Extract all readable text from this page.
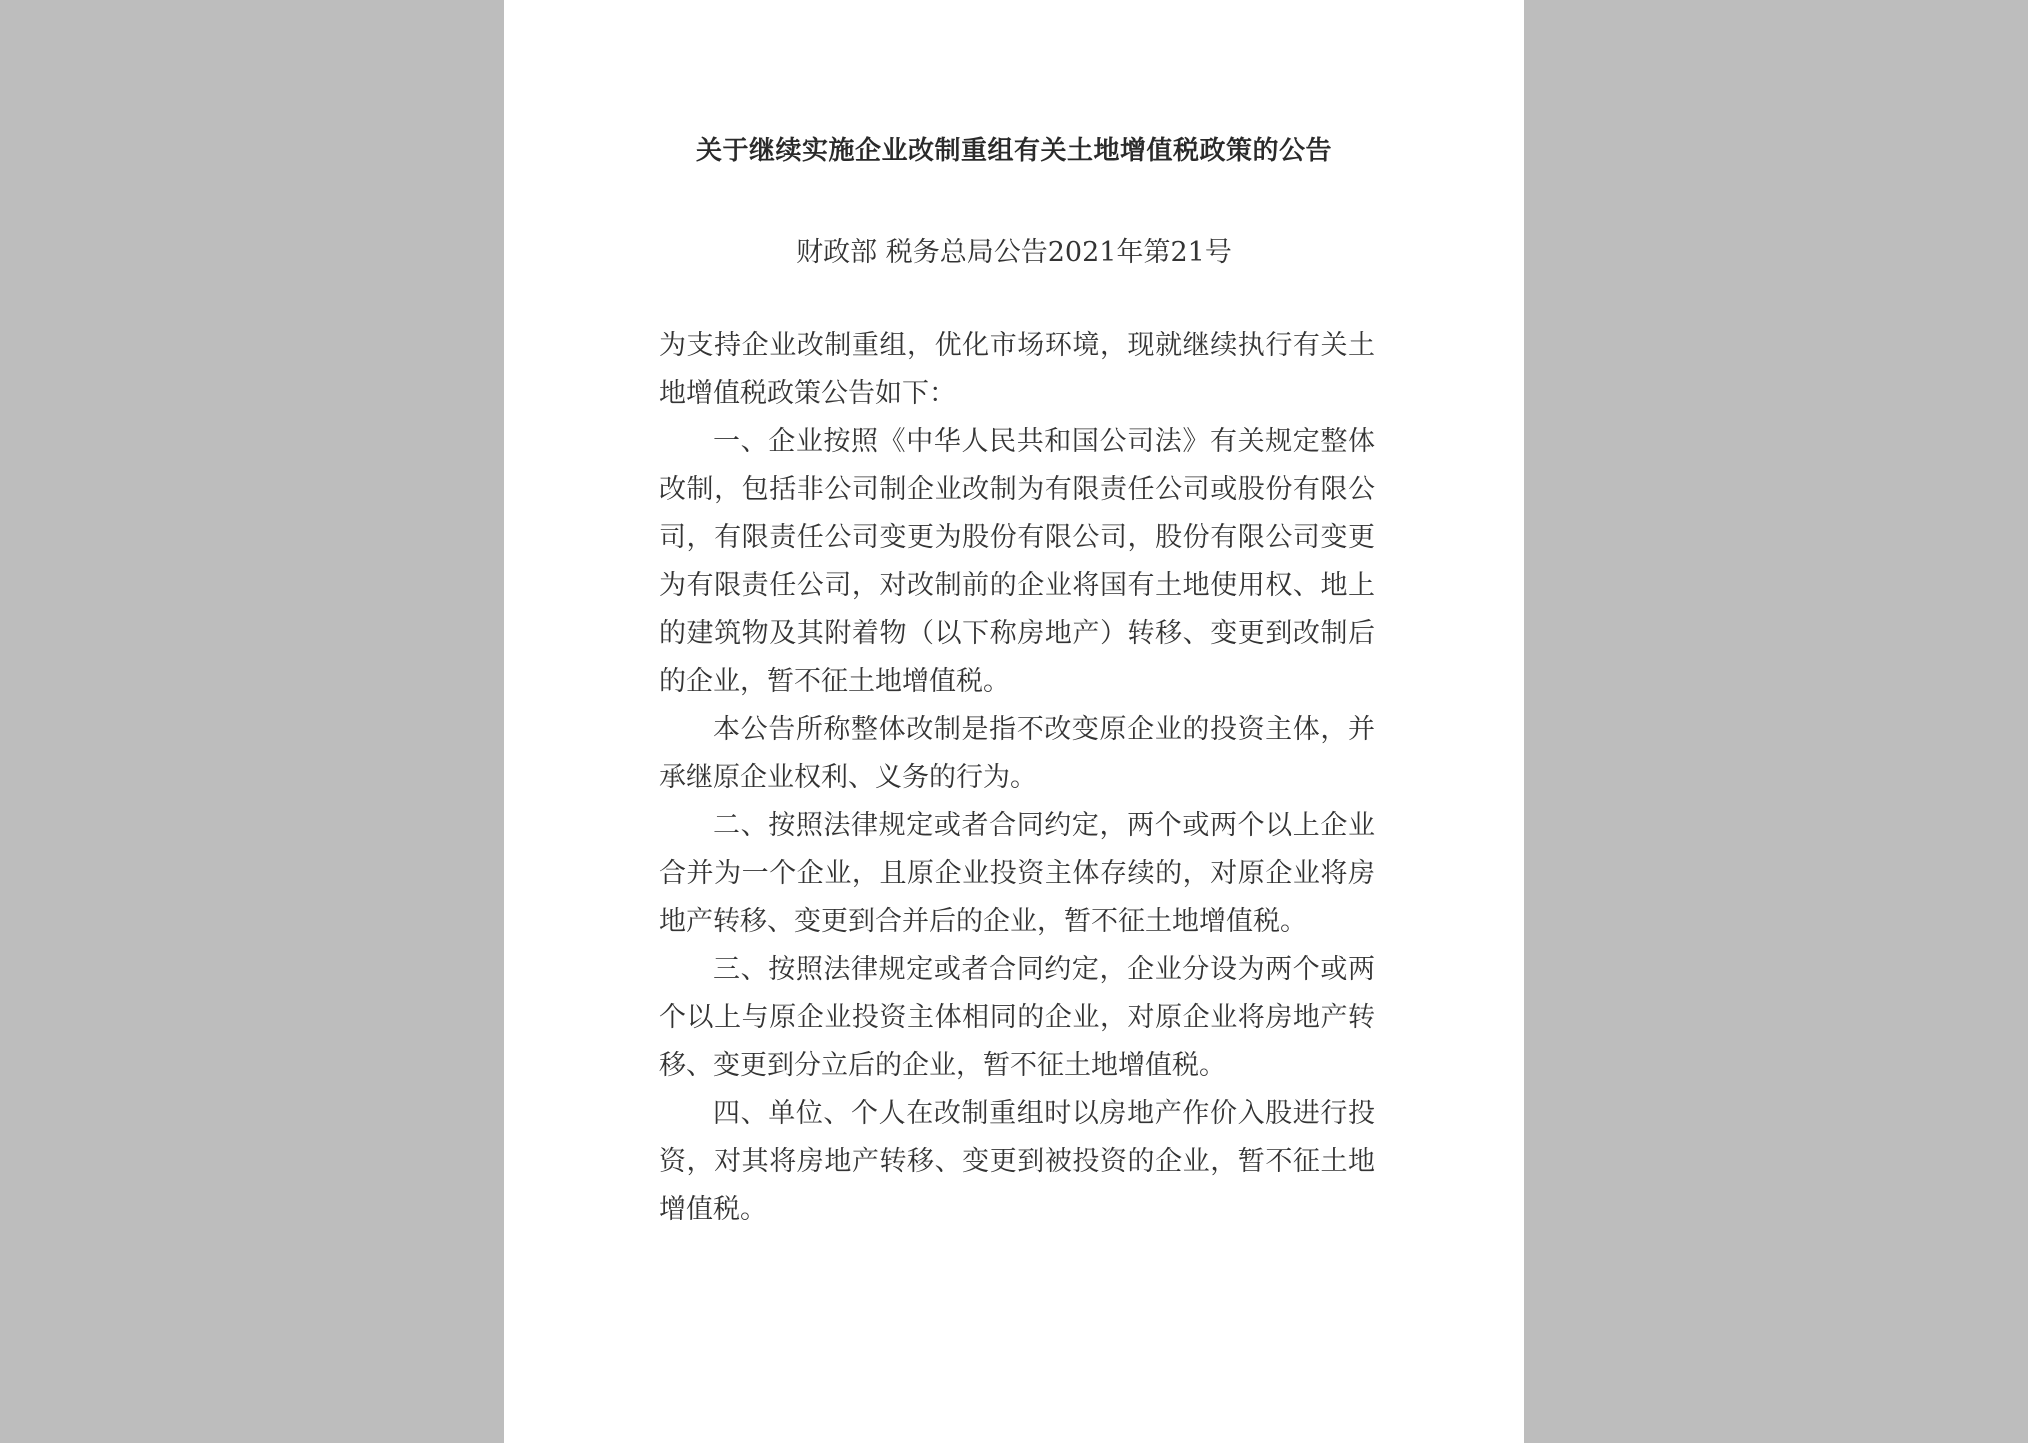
关于继续实施企业改制重组有关土地增值税政策的公告
财政部 税务总局公告2021年第21号

为支持企业改制重组，优化市场环境，现就继续执行有关土地增值税政策公告如下：

一、企业按照《中华人民共和国公司法》有关规定整体改制，包括非公司制企业改制为有限责任公司或股份有限公司，有限责任公司变更为股份有限公司，股份有限公司变更为有限责任公司，对改制前的企业将国有土地使用权、地上的建筑物及其附着物（以下称房地产）转移、变更到改制后的企业，暂不征土地增值税。

本公告所称整体改制是指不改变原企业的投资主体，并承继原企业权利、义务的行为。

二、按照法律规定或者合同约定，两个或两个以上企业合并为一个企业，且原企业投资主体存续的，对原企业将房地产转移、变更到合并后的企业，暂不征土地增值税。

三、按照法律规定或者合同约定，企业分设为两个或两个以上与原企业投资主体相同的企业，对原企业将房地产转移、变更到分立后的企业，暂不征土地增值税。

四、单位、个人在改制重组时以房地产作价入股进行投资，对其将房地产转移、变更到被投资的企业，暂不征土地增值税。
